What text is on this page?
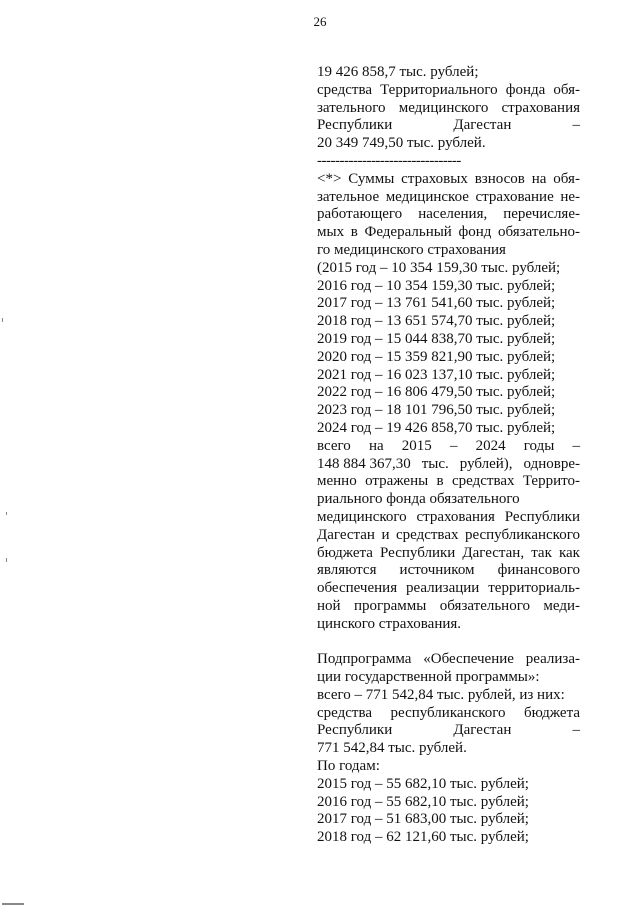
26
19 426 858,7 тыс. рублей;
средства Территориального фонда обя-
зательного медицинского страхования
Республики	Дагестан	–
20 349 749,50 тыс. рублей.
--------------------------------
<*> Суммы страховых взносов на обя-
зательное медицинское страхование не-
работающего населения, перечисляе-
мых в Федеральный фонд обязательно-
го медицинского страхования
(2015 год – 10 354 159,30 тыс. рублей;
2016 год – 10 354 159,30 тыс. рублей;
2017 год – 13 761 541,60 тыс. рублей;
2018 год – 13 651 574,70 тыс. рублей;
2019 год – 15 044 838,70 тыс. рублей;
2020 год – 15 359 821,90 тыс. рублей;
2021 год – 16 023 137,10 тыс. рублей;
2022 год – 16 806 479,50 тыс. рублей;
2023 год – 18 101 796,50 тыс. рублей;
2024 год – 19 426 858,70 тыс. рублей;
всего на 2015 – 2024 годы –
148 884 367,30 тыс. рублей), одновре-
менно отражены в средствах Террито-
риального фонда обязательного
медицинского страхования Республики
Дагестан и средствах республиканского
бюджета Республики Дагестан, так как
являются источником финансового
обеспечения реализации территориаль-
ной программы обязательного меди-
цинского страхования.
Подпрограмма «Обеспечение реализа-
ции государственной программы»:
всего – 771 542,84 тыс. рублей, из них:
средства республиканского бюджета
Республики	Дагестан	–
771 542,84 тыс. рублей.
По годам:
2015 год – 55 682,10 тыс. рублей;
2016 год – 55 682,10 тыс. рублей;
2017 год – 51 683,00 тыс. рублей;
2018 год – 62 121,60 тыс. рублей;
